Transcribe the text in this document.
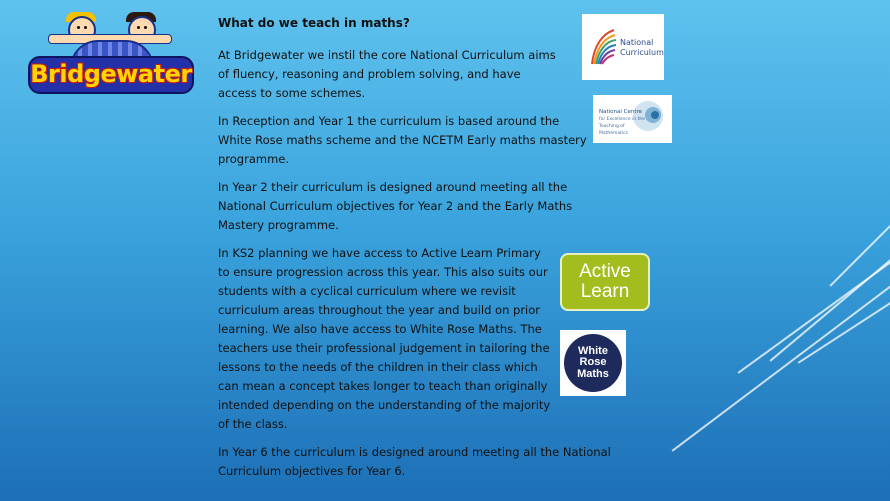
Bridgewater
What do we teach in maths?

At Bridgewater we instil the core National Curriculum aims of fluency, reasoning and problem solving, and have access to some schemes.

In Reception and Year 1 the curriculum is based around the White Rose maths scheme and the NCETM Early maths mastery programme.

In Year 2 their curriculum is designed around meeting all the National Curriculum objectives for Year 2 and the Early Maths Mastery programme.

In KS2 planning we have access to Active Learn Primary to ensure progression across this year. This also suits our students with a cyclical curriculum where we revisit curriculum areas throughout the year and build on prior learning. We also have access to White Rose Maths. The teachers use their professional judgement in tailoring the lessons to the needs of the children in their class which can mean a concept takes longer to teach than originally intended depending on the understanding of the majority of the class.

In Year 6 the curriculum is designed around meeting all the National Curriculum objectives for Year 6.

National
Curriculum
National Centre
for Excellence in the
Teaching of Mathematics
Active
Learn
White
Rose
Maths
